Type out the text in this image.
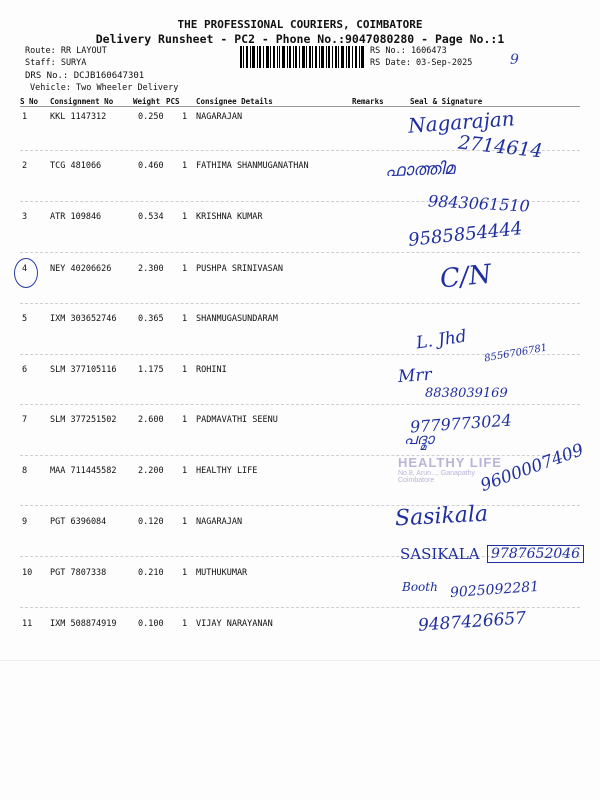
THE PROFESSIONAL COURIERS, COIMBATORE
Delivery Runsheet - PC2 - Phone No.:9047080280 - Page No.:1
Route: RR LAYOUT
Staff: SURYA
DRS No.: DCJB160647301
Vehicle: Two Wheeler Delivery
RS No.: 1606473
RS Date: 03-Sep-2025	9
S No Consignment No	Weight PCS Consignee Details	Remarks	Seal & Signature
1	KKL 1147312	0.250 1 NAGARAJAN
2	TCG 481066	0.460 1 FATHIMA SHANMUGANATHAN
3	ATR 109846	0.534 1 KRISHNA KUMAR
4	NEY 40206626	2.300 1 PUSHPA SRINIVASAN
5	IXM 303652746	0.365 1 SHANMUGASUNDARAM
6	SLM 377105116	1.175 1 ROHINI
7	SLM 377251502	2.600 1 PADMAVATHI SEENU
8	MAA 711445582	2.200 1 HEALTHY LIFE
9	PGT 6396084	0.120 1 NAGARAJAN
10 PGT 7807338	0.210 1 MUTHUKUMAR
11 IXM 508874919	0.100 1 VIJAY NARAYANAN
Nagarajan
2714614
ഫാത്തിമ
9843061510
9585854444
C/N
L. Jhd
8556706781
Mrr
8838039169
9779773024
പദ്മാ
HEALTHY LIFE
No.8, Arun..., Ganapathy
Coimbatore	9600007409
Sasikala
SASIKALA 9787652046
Booth 9025092281
9487426657
